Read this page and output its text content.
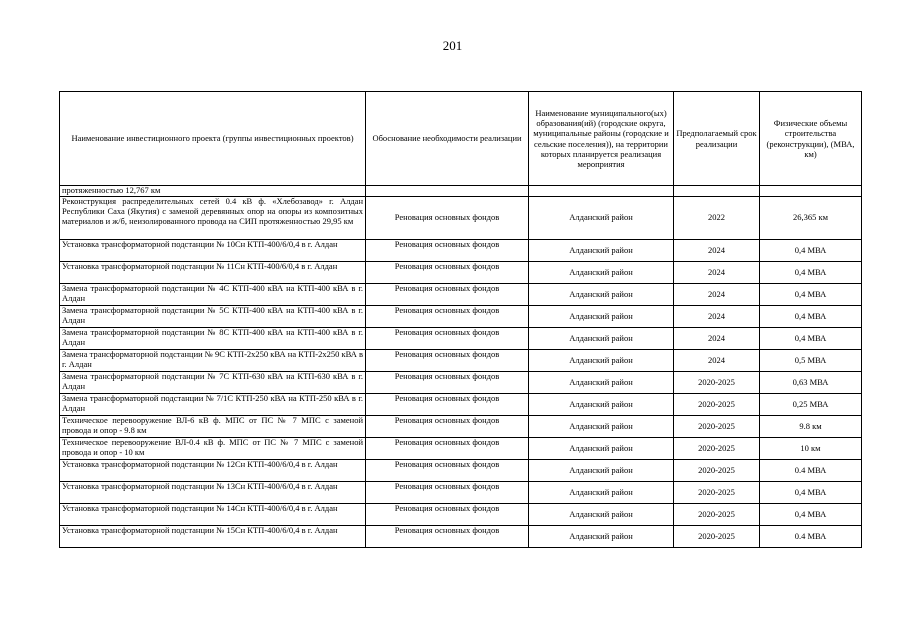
201
Наименование инвестиционного проекта (группы инвестиционных проектов)	Обоснование необходимости реализации	Наименование муниципального(ых) образования(ий) (городские округа, муниципальные районы (городские и сельские поселения)), на территории которых планируется реализация мероприятия	Предполагаемый срок реализации	Физические объемы строительства (реконструкции), (МВА, км)
протяженностью 12,767 км				
Реконструкция распределительных сетей 0.4 кВ ф. «Хлебозавод» г. Алдан Республики Саха (Якутия) с заменой деревянных опор на опоры из композитных материалов и ж/б, неизолированного провода на СИП протяженностью 29,95 км	Реновация основных фондов	Алданский район	2022	26,365 км
Установка трансформаторной подстанции № 10Сн КТП-400/6/0,4 в г. Алдан	Реновация основных фондов	Алданский район	2024	0,4 МВА
Установка трансформаторной подстанции № 11Сн КТП-400/6/0,4 в г. Алдан	Реновация основных фондов	Алданский район	2024	0,4 МВА
Замена трансформаторной подстанции № 4С КТП-400 кВА на КТП-400 кВА в г. Алдан	Реновация основных фондов	Алданский район	2024	0,4 МВА
Замена трансформаторной подстанции № 5С КТП-400 кВА на КТП-400 кВА в г. Алдан	Реновация основных фондов	Алданский район	2024	0,4 МВА
Замена трансформаторной подстанции № 8С КТП-400 кВА на КТП-400 кВА в г. Алдан	Реновация основных фондов	Алданский район	2024	0,4 МВА
Замена трансформаторной подстанции № 9С КТП-2х250 кВА на КТП-2х250 кВА в г. Алдан	Реновация основных фондов	Алданский район	2024	0,5 МВА
Замена трансформаторной подстанции № 7С КТП-630 кВА на КТП-630 кВА в г. Алдан	Реновация основных фондов	Алданский район	2020-2025	0,63 МВА
Замена трансформаторной подстанции № 7/1С КТП-250 кВА на КТП-250 кВА в г. Алдан	Реновация основных фондов	Алданский район	2020-2025	0,25 МВА
Техническое перевооружение ВЛ-6 кВ ф. МПС от ПС № 7 МПС с заменой провода и опор - 9.8 км	Реновация основных фондов	Алданский район	2020-2025	9.8 км
Техническое перевооружение ВЛ-0.4 кВ ф. МПС от ПС № 7 МПС с заменой провода и опор - 10 км	Реновация основных фондов	Алданский район	2020-2025	10 км
Установка трансформаторной подстанции № 12Сн КТП-400/6/0,4 в г. Алдан	Реновация основных фондов	Алданский район	2020-2025	0.4 МВА
Установка трансформаторной подстанции № 13Сн КТП-400/6/0,4 в г. Алдан	Реновация основных фондов	Алданский район	2020-2025	0,4 МВА
Установка трансформаторной подстанции № 14Сн КТП-400/6/0,4 в г. Алдан	Реновация основных фондов	Алданский район	2020-2025	0,4 МВА
Установка трансформаторной подстанции № 15Сн КТП-400/6/0,4 в г. Алдан	Реновация основных фондов	Алданский район	2020-2025	0.4 МВА
